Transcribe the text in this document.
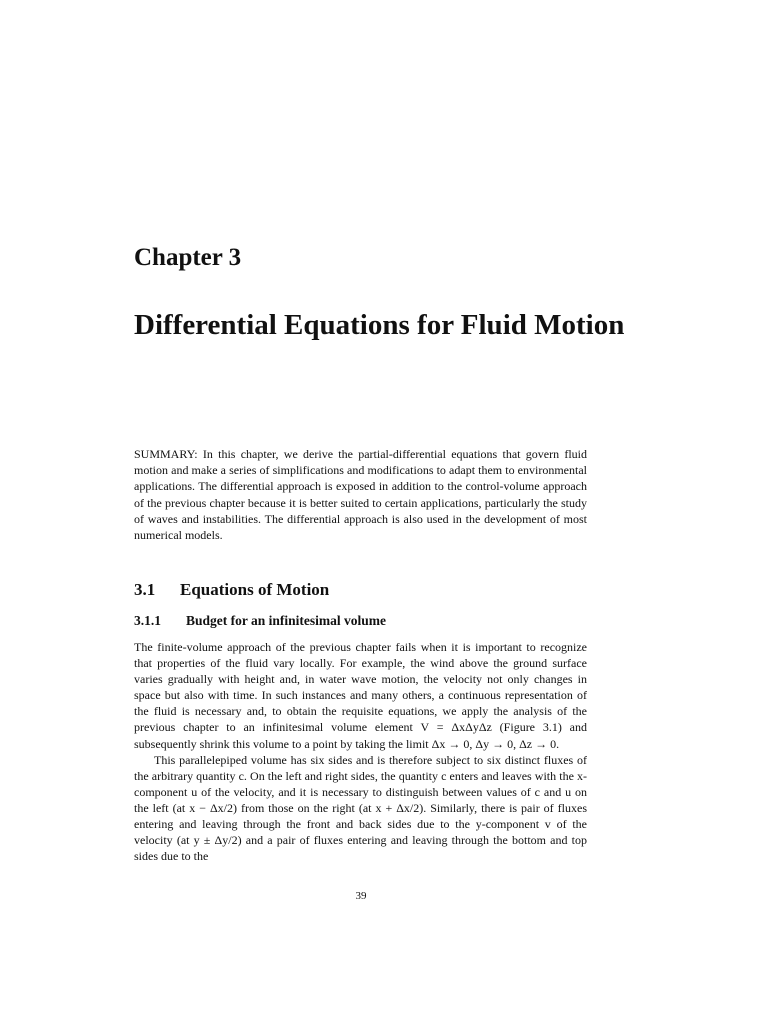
Chapter 3
Differential Equations for Fluid Motion

SUMMARY: In this chapter, we derive the partial-differential equations that govern fluid motion and make a series of simplifications and modifications to adapt them to environmental applications. The differential approach is exposed in addition to the control-volume approach of the previous chapter because it is better suited to certain applications, particularly the study of waves and instabilities. The differential approach is also used in the development of most numerical models.

3.1 Equations of Motion
3.1.1 Budget for an infinitesimal volume

The finite-volume approach of the previous chapter fails when it is important to recognize that properties of the fluid vary locally. For example, the wind above the ground surface varies gradually with height and, in water wave motion, the velocity not only changes in space but also with time. In such instances and many others, a continuous representation of the fluid is necessary and, to obtain the requisite equations, we apply the analysis of the previous chapter to an infinitesimal volume element V = ΔxΔyΔz (Figure 3.1) and subsequently shrink this volume to a point by taking the limit Δx → 0, Δy → 0, Δz → 0.

This parallelepiped volume has six sides and is therefore subject to six distinct fluxes of the arbitrary quantity c. On the left and right sides, the quantity c enters and leaves with the x-component u of the velocity, and it is necessary to distinguish between values of c and u on the left (at x − Δx/2) from those on the right (at x + Δx/2). Similarly, there is pair of fluxes entering and leaving through the front and back sides due to the y-component v of the velocity (at y ± Δy/2) and a pair of fluxes entering and leaving through the bottom and top sides due to the

39
